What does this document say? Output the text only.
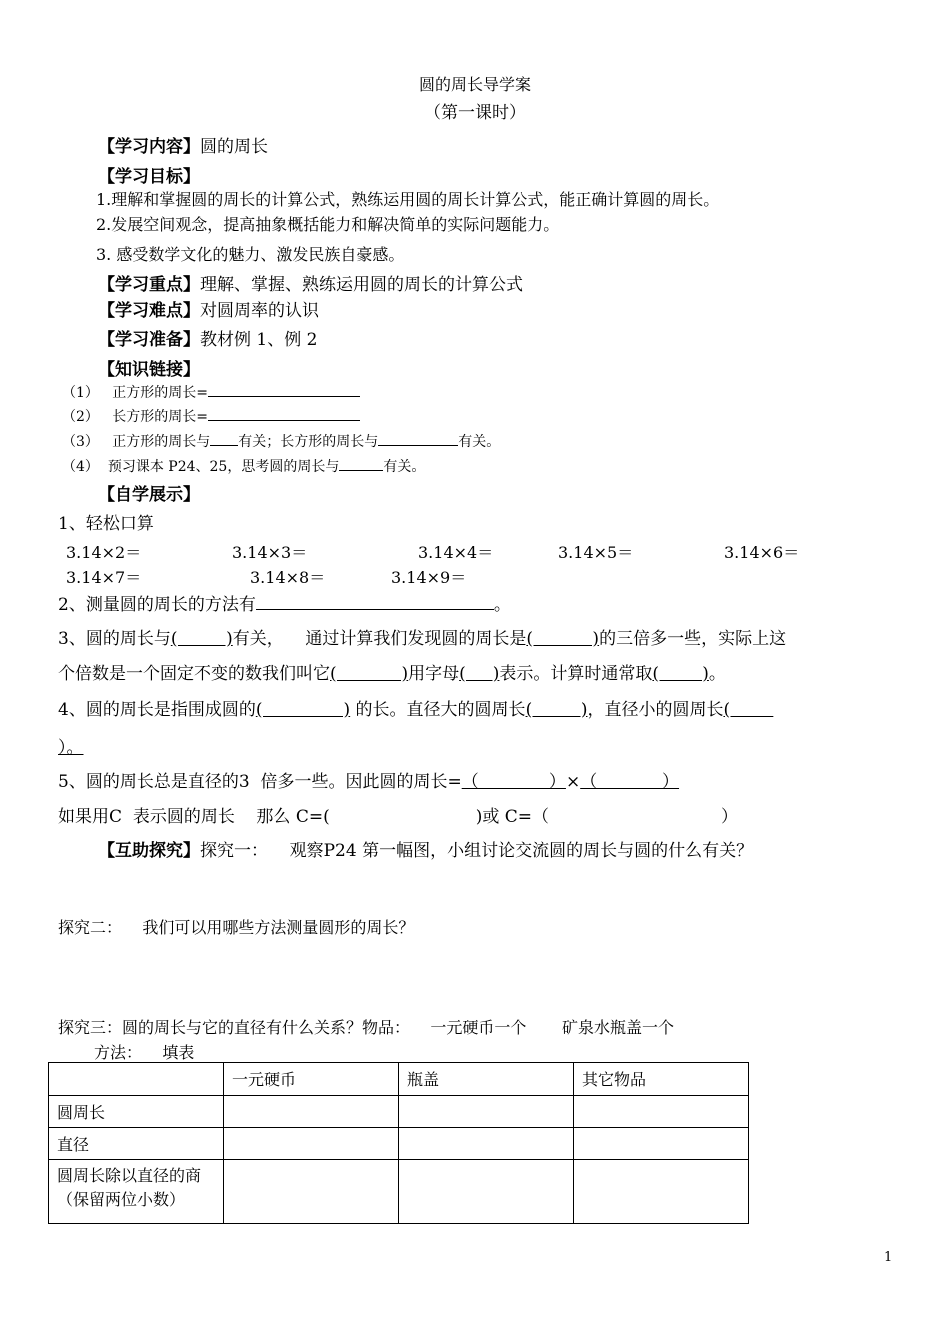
圆的周长导学案
（第一课时）
【学习内容】圆的周长
【学习目标】
1.理解和掌握圆的周长的计算公式，熟练运用圆的周长计算公式，能正确计算圆的周长。
2.发展空间观念，提高抽象概括能力和解决简单的实际问题能力。
3. 感受数学文化的魅力、激发民族自豪感。
【学习重点】理解、掌握、熟练运用圆的周长的计算公式
【学习难点】对圆周率的认识
【学习准备】教材例 1、例 2
【知识链接】
（1） 正方形的周长=
（2） 长方形的周长=
（3） 正方形的周长与 有关；长方形的周长与	有关。
（4） 预习课本 P24、25，思考圆的周长与	有关。
【自学展示】
1、轻松口算
3.14×2＝	3.14×3＝	3.14×4＝	3.14×5＝	3.14×6＝
3.14×7＝	3.14×8＝	3.14×9＝
2、测量圆的周长的方法有	。
3、圆的周长与(         )有关，    通过计算我们发现圆的周长是(           )的三倍多一些，实际上这
个倍数是一个固定不变的数我们叫它(            )用字母(     )表示。计算时通常取(        )。
4、圆的周长是指围成圆的(               ) 的长。直径大的圆周长(         )，直径小的圆周长(
）。
5、圆的周长总是直径的3  倍多一些。因此圆的周长=（             ）×（            ）
如果用C  表示圆的周长    那么 C=(	)或 C=（	）
【互助探究】探究一：    观察P24 第一幅图，小组讨论交流圆的周长与圆的什么有关？
探究二：    我们可以用哪些方法测量圆形的周长？
探究三：圆的周长与它的直径有什么关系？物品：    一元硬币一个       矿泉水瓶盖一个
方法：    填表
	一元硬币	瓶盖	其它物品
圆周长			
直径			
圆周长除以直径的商（保留两位小数）			
1
